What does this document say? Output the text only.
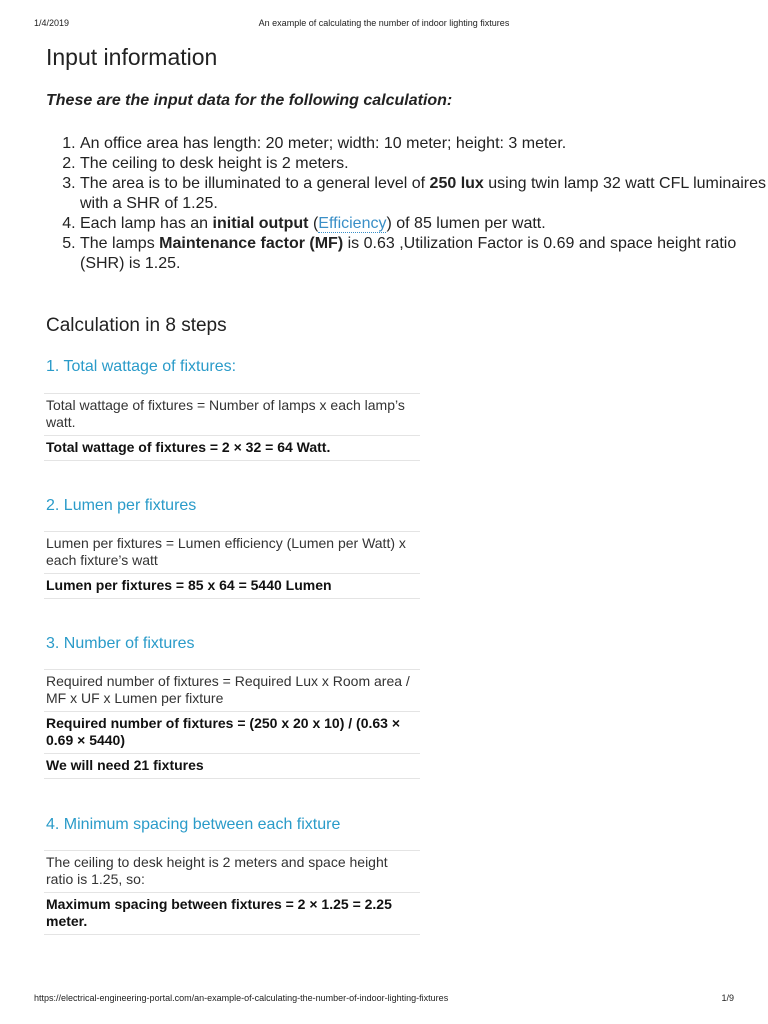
1/4/2019	An example of calculating the number of indoor lighting fixtures
Input information

These are the input data for the following calculation:

1. An office area has length: 20 meter; width: 10 meter; height: 3 meter.
2. The ceiling to desk height is 2 meters.
3. The area is to be illuminated to a general level of 250 lux using twin lamp 32 watt CFL luminaires with a SHR of 1.25.
4. Each lamp has an initial output (Efficiency) of 85 lumen per watt.
5. The lamps Maintenance factor (MF) is 0.63 ,Utilization Factor is 0.69 and space height ratio (SHR) is 1.25.
Calculation in 8 steps
1. Total wattage of fixtures:
Total wattage of fixtures = Number of lamps x each lamp’s watt.
Total wattage of fixtures = 2 × 32 = 64 Watt.
2. Lumen per fixtures
Lumen per fixtures = Lumen efficiency (Lumen per Watt) x each fixture’s watt
Lumen per fixtures = 85 x 64 = 5440 Lumen
3. Number of fixtures
Required number of fixtures = Required Lux x Room area / MF x UF x Lumen per fixture
Required number of fixtures = (250 x 20 x 10) / (0.63 × 0.69 × 5440)
We will need 21 fixtures
4. Minimum spacing between each fixture
The ceiling to desk height is 2 meters and space height ratio is 1.25, so:
Maximum spacing between fixtures = 2 × 1.25 = 2.25 meter.
https://electrical-engineering-portal.com/an-example-of-calculating-the-number-of-indoor-lighting-fixtures	1/9
